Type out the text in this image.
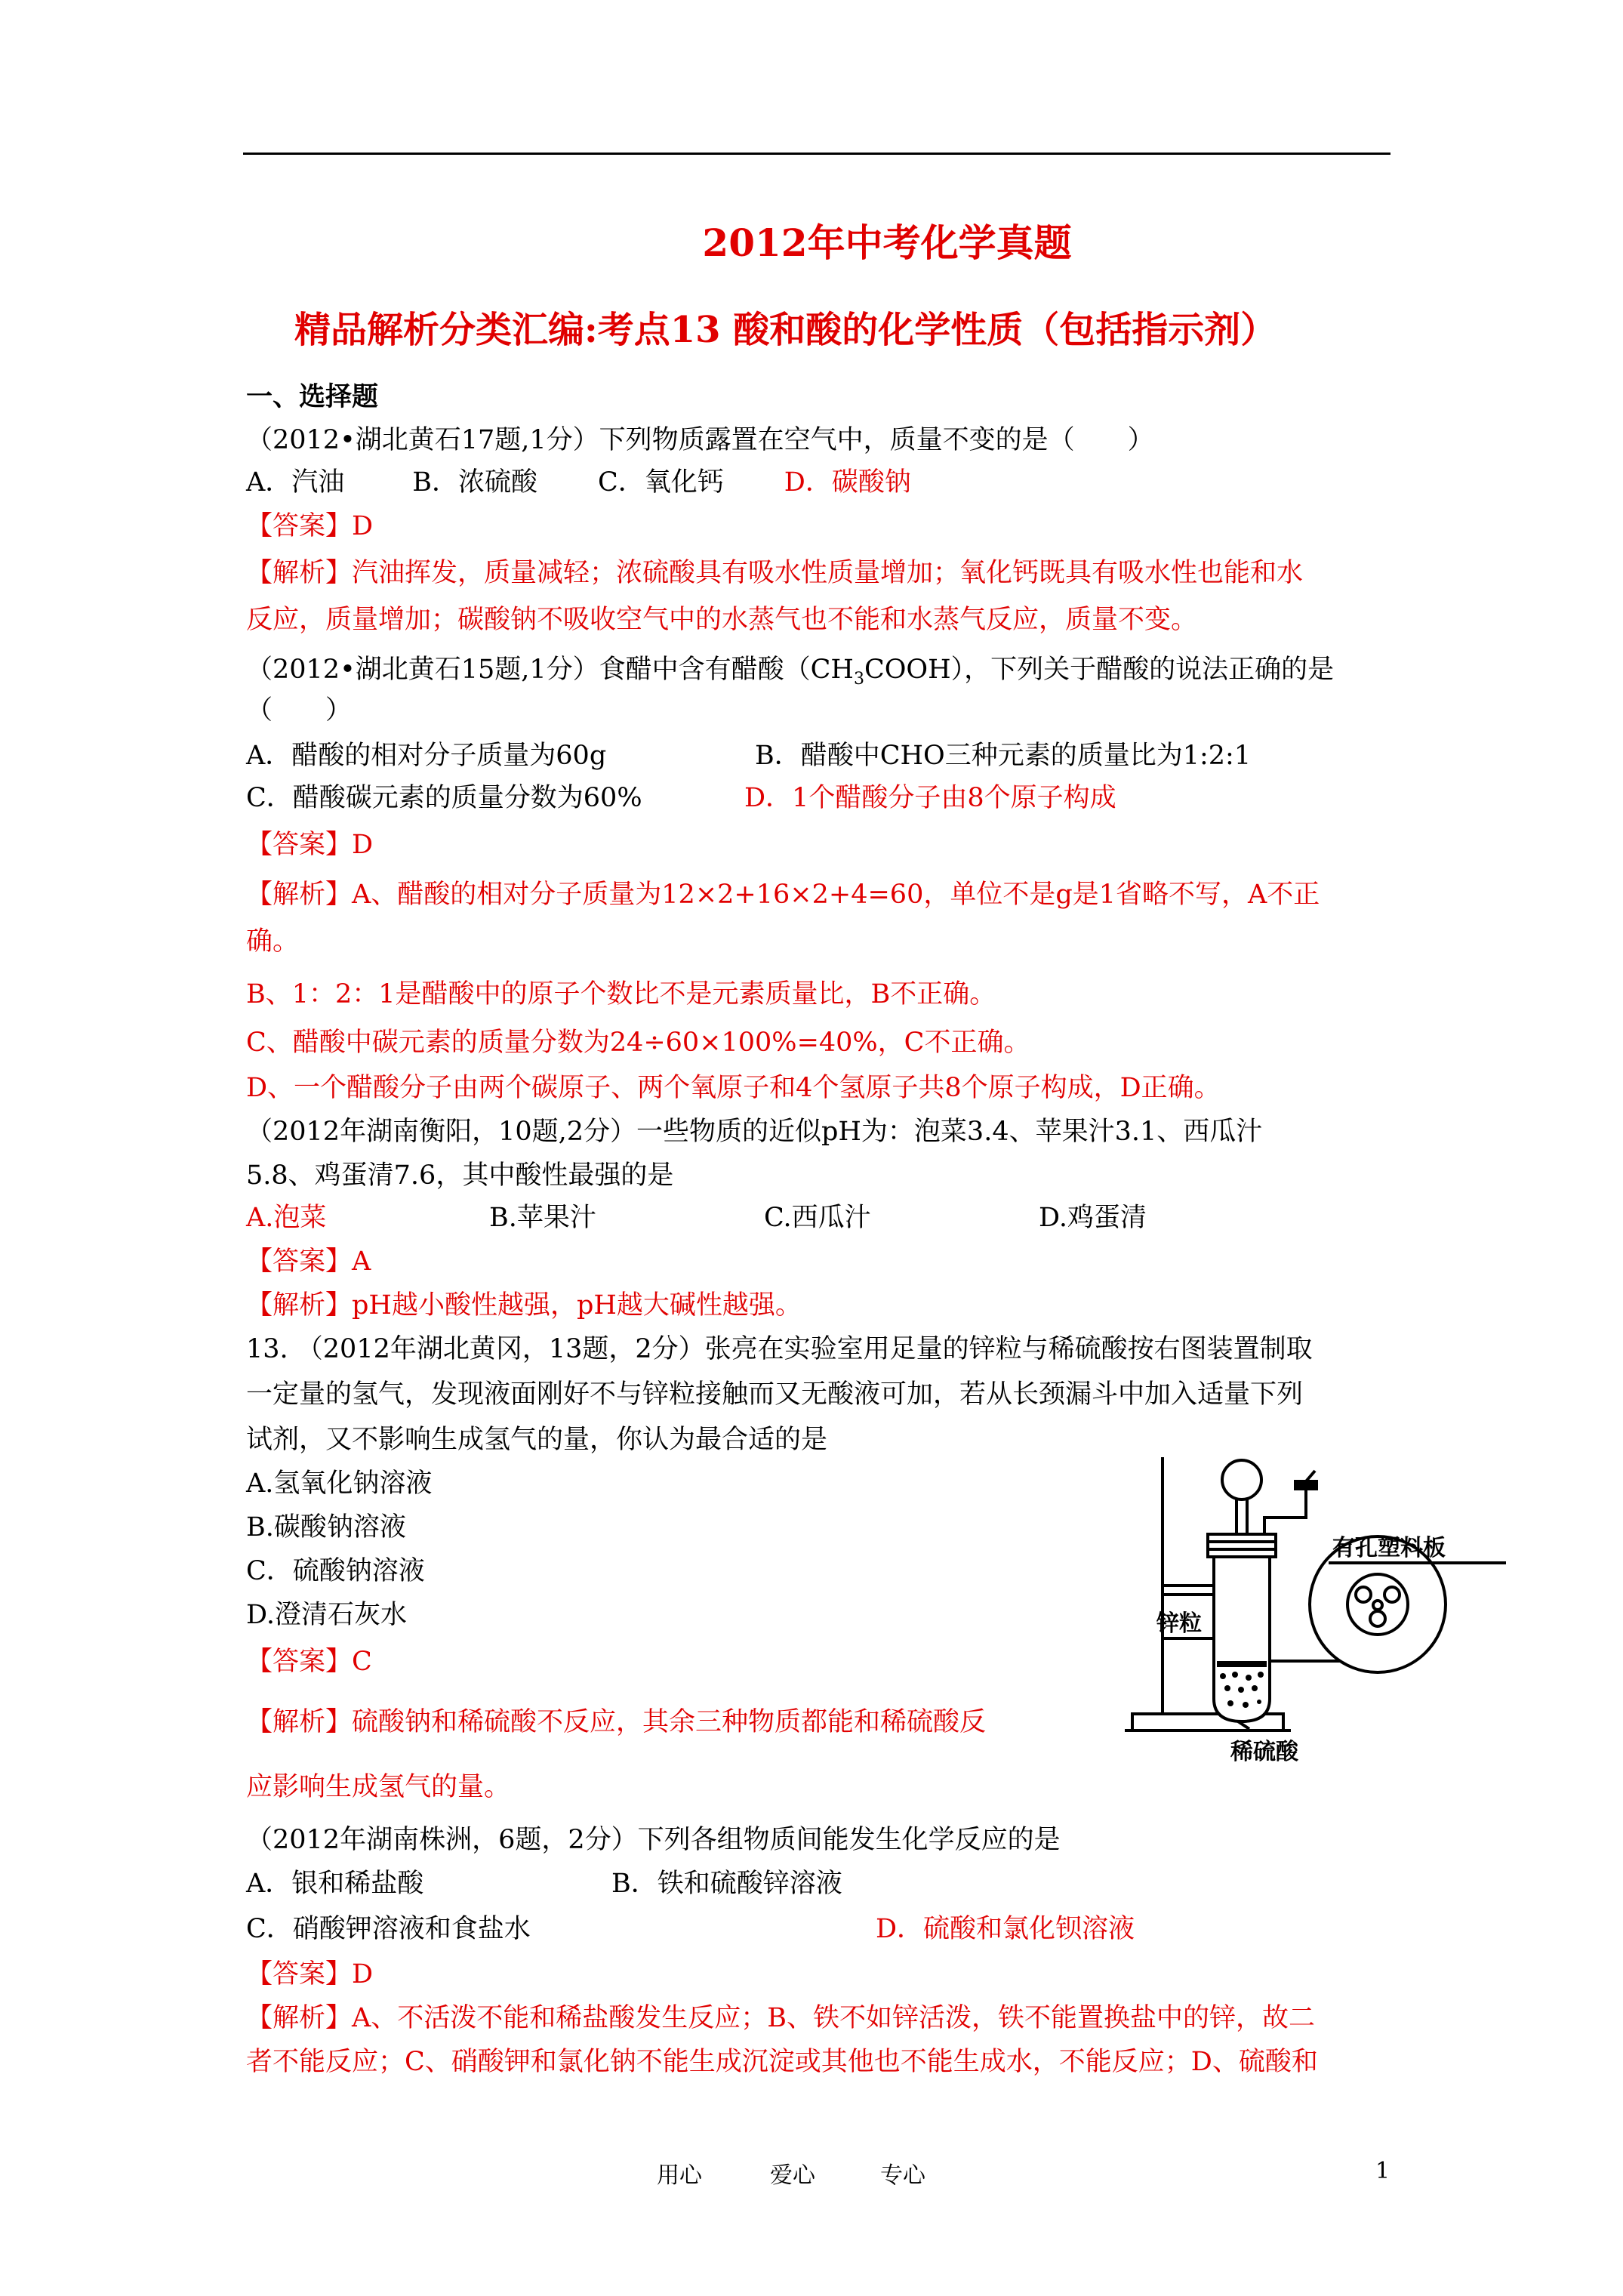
2012年中考化学真题
精品解析分类汇编:考点13 酸和酸的化学性质（包括指示剂）
一、选择题
（2012•湖北黄石17题,1分）下列物质露置在空气中，质量不变的是（　　）
A．汽油	B．浓硫酸 C．氧化钙 D．碳酸钠
【答案】D
【解析】汽油挥发，质量减轻；浓硫酸具有吸水性质量增加；氧化钙既具有吸水性也能和水
反应，质量增加；碳酸钠不吸收空气中的水蒸气也不能和水蒸气反应，质量不变。
（2012•湖北黄石15题,1分）食醋中含有醋酸$(CH_3COOH)$，下列关于醋酸的说法正确的是
（　　）
A．醋酸的相对分子质量为60g	B．醋酸中CHO三种元素的质量比为1:2:1
C．醋酸碳元素的质量分数为60%	D．1个醋酸分子由8个原子构成
【答案】D
【解析】A、醋酸的相对分子质量为12×2+16×2+4=60，单位不是g是1省略不写，A不正
确。
B、1：2：1是醋酸中的原子个数比不是元素质量比，B不正确。
C、醋酸中碳元素的质量分数为24÷60×100%=40%，C不正确。
D、一个醋酸分子由两个碳原子、两个氧原子和4个氢原子共8个原子构成，D正确。
（2012年湖南衡阳，10题,2分）一些物质的近似pH为：泡菜3.4、苹果汁3.1、西瓜汁
5.8、鸡蛋清7.6，其中酸性最强的是
A.泡菜	B.苹果汁	C.西瓜汁	D.鸡蛋清
【答案】A
【解析】pH越小酸性越强，pH越大碱性越强。
13. （2012年湖北黄冈，13题，2分）张亮在实验室用足量的锌粒与稀硫酸按右图装置制取
一定量的氢气，发现液面刚好不与锌粒接触而又无酸液可加，若从长颈漏斗中加入适量下列
试剂，又不影响生成氢气的量，你认为最合适的是
A.氢氧化钠溶液
B.碳酸钠溶液
C．硫酸钠溶液
D.澄清石灰水
【答案】C
【解析】硫酸钠和稀硫酸不反应，其余三种物质都能和稀硫酸反
应影响生成氢气的量。
有孔塑料板
锌粒
稀硫酸
（2012年湖南株洲，6题，2分）下列各组物质间能发生化学反应的是
A．银和稀盐酸	B．铁和硫酸锌溶液
C．硝酸钾溶液和食盐水	D．硫酸和氯化钡溶液
【答案】D
【解析】A、不活泼不能和稀盐酸发生反应；B、铁不如锌活泼，铁不能置换盐中的锌，故二
者不能反应；C、硝酸钾和氯化钠不能生成沉淀或其他也不能生成水，不能反应；D、硫酸和
用心	爱心	专心	1
